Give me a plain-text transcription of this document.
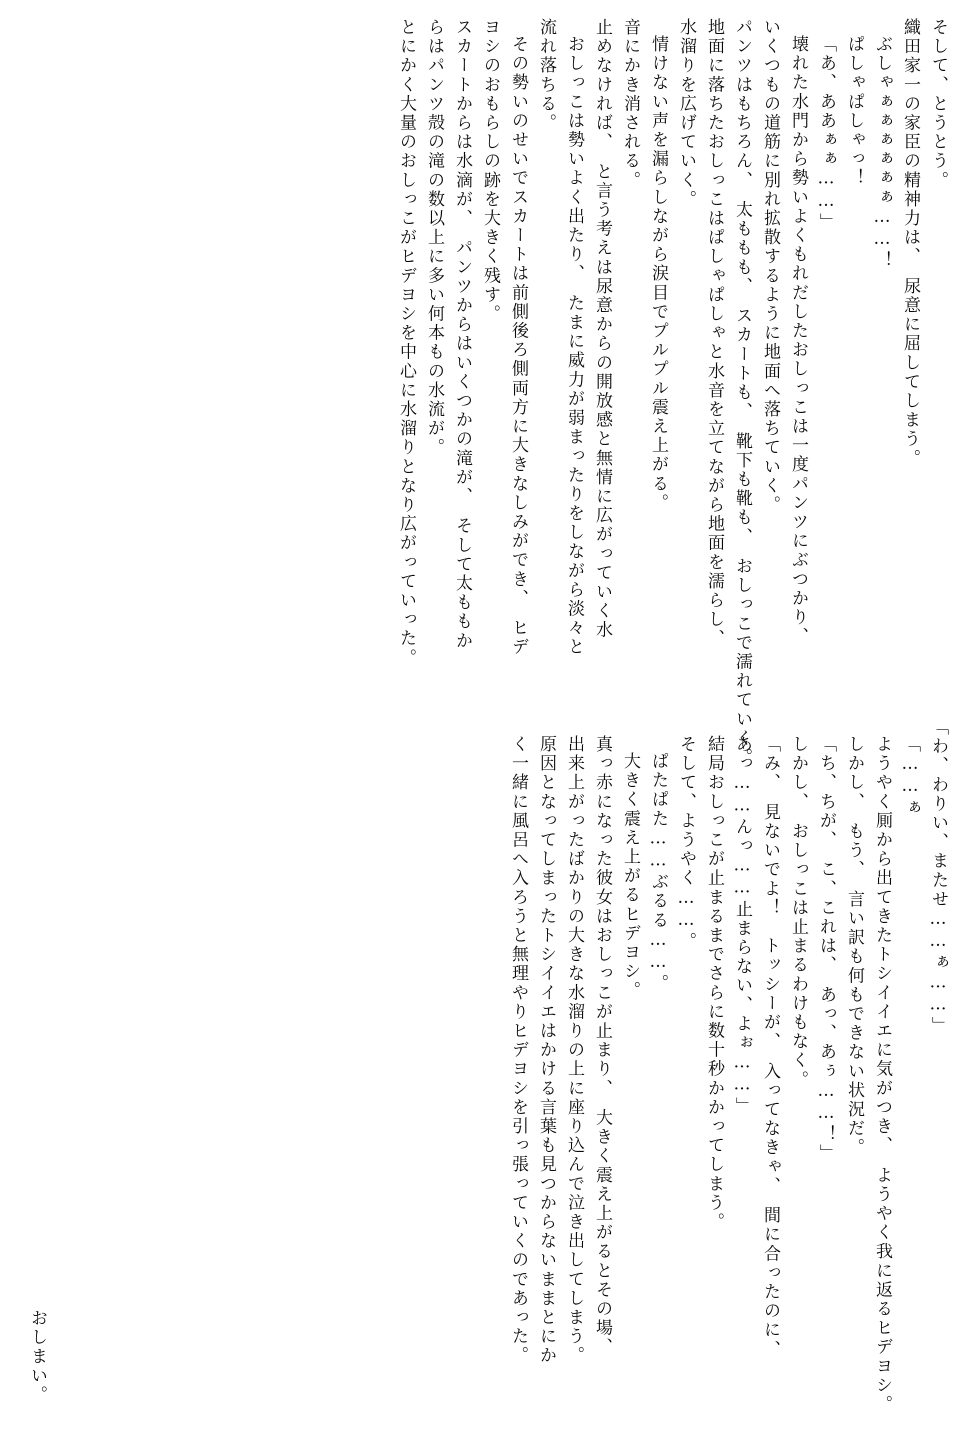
そして、とうとう。
織田家一の家臣の精神力は、　尿意に屈してしまう。
ぶしゃぁぁぁぁぁぁ……！
ぱしゃぱしゃっ！
「あ、ああぁぁ……」
壊れた水門から勢いよくもれだしたおしっこは一度パンツにぶつかり、
いくつもの道筋に別れ拡散するように地面へ落ちていく。
パンツはもちろん、　太ももも、　スカートも、　靴下も靴も、　おしっこで濡れていく。
地面に落ちたおしっこはぱしゃぱしゃと水音を立てながら地面を濡らし、
水溜りを広げていく。
情けない声を漏らしながら涙目でプルプル震え上がる。
音にかき消される。
止めなければ、　と言う考えは尿意からの開放感と無情に広がっていく水
おしっこは勢いよく出たり、　たまに威力が弱まったりをしながら淡々と
流れ落ちる。
その勢いのせいでスカートは前側後ろ側両方に大きなしみができ、　ヒデ
ヨシのおもらしの跡を大きく残す。
スカートからは水滴が、　パンツからはいくつかの滝が、　そして太ももか
らはパンツ殻の滝の数以上に多い何本もの水流が。
とにかく大量のおしっこがヒデヨシを中心に水溜りとなり広がっていった。
「わ、わりい、またせ……ぁ……」
「……ぁ
ようやく厠から出てきたトシイイエに気がつき、　ようやく我に返るヒデヨシ。
しかし、　もう、　言い訳も何もできない状況だ。
「ち、ちが、　こ、これは、　あっ、あぅ……！」
しかし、　おしっこは止まるわけもなく。
「み、　見ないでよ！　トッシーが、　入ってなきゃ、　間に合ったのに、
あっ……んっ……止まらない、よぉ……」
結局おしっこが止まるまでさらに数十秒かかってしまう。
そして、ようやく……。
ぱたぱた……ぶるる……。
大きく震え上がるヒデヨシ。
真っ赤になった彼女はおしっこが止まり、　大きく震え上がるとその場、
出来上がったばかりの大きな水溜りの上に座り込んで泣き出してしまう。
原因となってしまったトシイイエはかける言葉も見つからないままとにか
く一緒に風呂へ入ろうと無理やりヒデヨシを引っ張っていくのであった。
おしまい。
